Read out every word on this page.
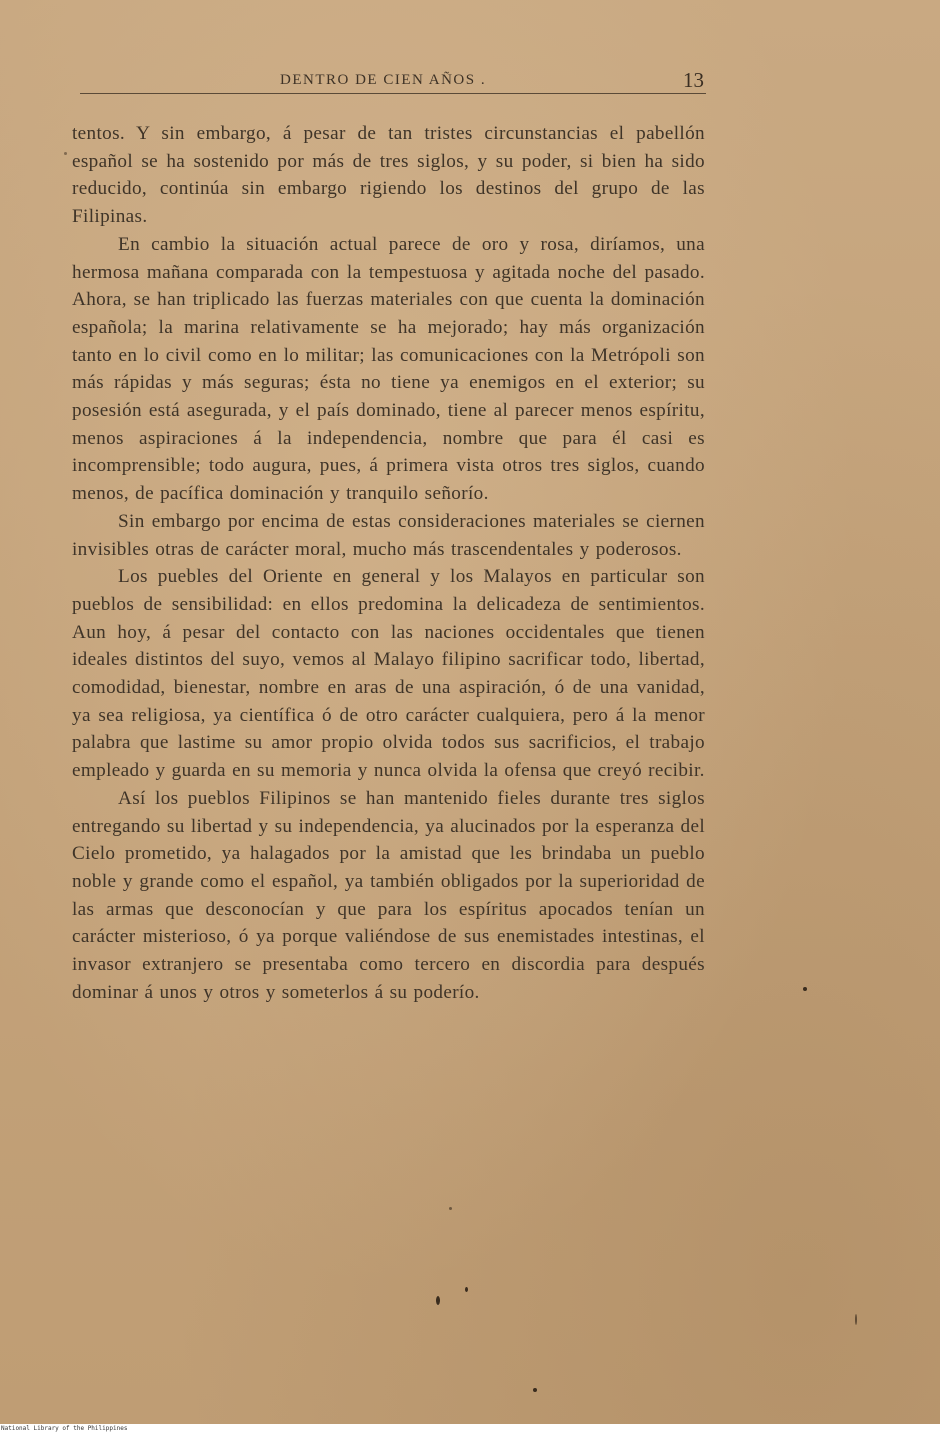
DENTRO DE CIEN AÑOS .	13

tentos. Y sin embargo, á pesar de tan tristes circunstancias el pabellón español se ha sostenido por más de tres siglos, y su poder, si bien ha sido reducido, continúa sin embargo rigiendo los destinos del grupo de las Filipinas.

En cambio la situación actual parece de oro y rosa, diríamos, una hermosa mañana comparada con la tempestuosa y agitada noche del pasado. Ahora, se han triplicado las fuerzas materiales con que cuenta la dominación española; la marina relativamente se ha mejorado; hay más organización tanto en lo civil como en lo militar; las comunicaciones con la Metrópoli son más rápidas y más seguras; ésta no tiene ya enemigos en el exterior; su posesión está asegurada, y el país dominado, tiene al parecer menos espíritu, menos aspiraciones á la independencia, nombre que para él casi es incomprensible; todo augura, pues, á primera vista otros tres siglos, cuando menos, de pacífica dominación y tranquilo señorío.

Sin embargo por encima de estas consideraciones materiales se ciernen invisibles otras de carácter moral, mucho más trascendentales y poderosos.

Los puebles del Oriente en general y los Malayos en particular son pueblos de sensibilidad: en ellos predomina la delicadeza de sentimientos. Aun hoy, á pesar del contacto con las naciones occidentales que tienen ideales distintos del suyo, vemos al Malayo filipino sacrificar todo, libertad, comodidad, bienestar, nombre en aras de una aspiración, ó de una vanidad, ya sea religiosa, ya científica ó de otro carácter cualquiera, pero á la menor palabra que lastime su amor propio olvida todos sus sacrificios, el trabajo empleado y guarda en su memoria y nunca olvida la ofensa que creyó recibir.

Así los pueblos Filipinos se han mantenido fieles durante tres siglos entregando su libertad y su independencia, ya alucinados por la esperanza del Cielo prometido, ya halagados por la amistad que les brindaba un pueblo noble y grande como el español, ya también obligados por la superioridad de las armas que desconocían y que para los espíritus apocados tenían un carácter misterioso, ó ya porque valiéndose de sus enemistades intestinas, el invasor extranjero se presentaba como tercero en discordia para después dominar á unos y otros y someterlos á su poderío.

National Library of the Philippines
